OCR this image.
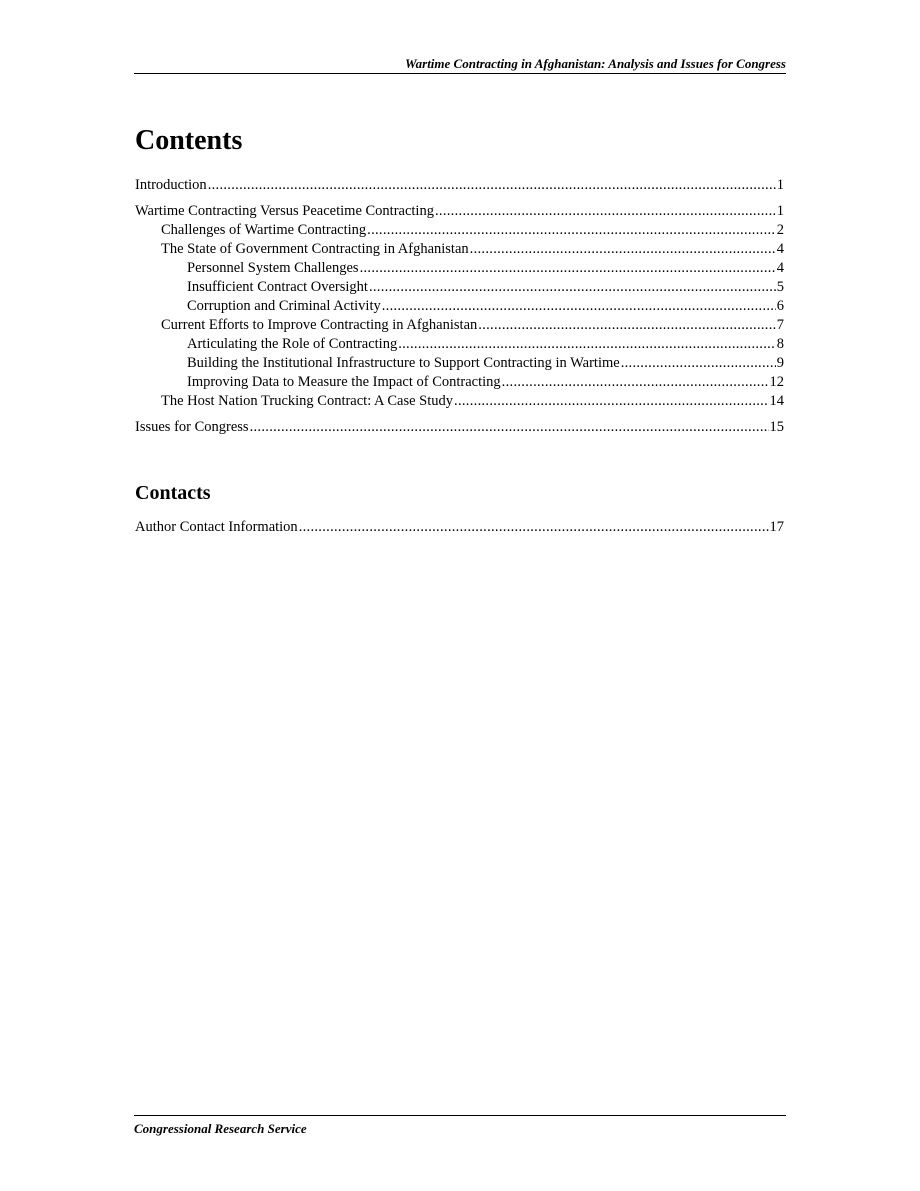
Wartime Contracting in Afghanistan: Analysis and Issues for Congress
Contents
Introduction .....	1
Wartime Contracting Versus Peacetime Contracting .....	1
Challenges of Wartime Contracting .....	2
The State of Government Contracting in Afghanistan .....	4
Personnel System Challenges .....	4
Insufficient Contract Oversight .....	5
Corruption and Criminal Activity .....	6
Current Efforts to Improve Contracting in Afghanistan .....	7
Articulating the Role of Contracting .....	8
Building the Institutional Infrastructure to Support Contracting in Wartime .....	9
Improving Data to Measure the Impact of Contracting .....	12
The Host Nation Trucking Contract: A Case Study .....	14
Issues for Congress .....	15
Contacts
Author Contact Information .....	17
Congressional Research Service
